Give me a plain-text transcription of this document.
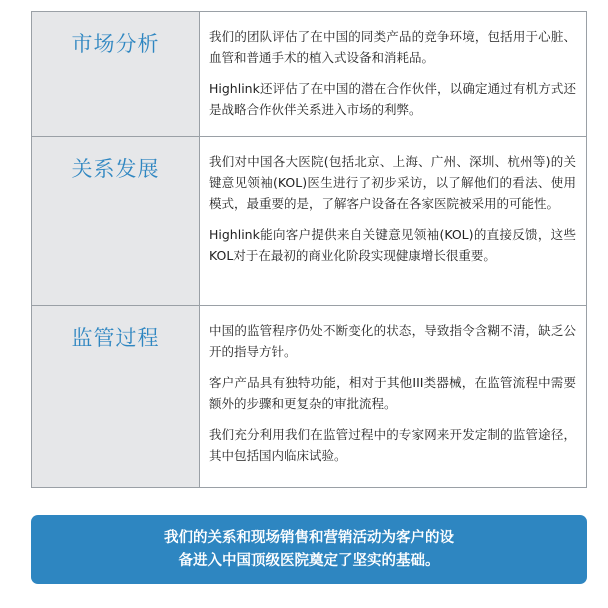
市场分析	我们的团队评估了在中国的同类产品的竞争环境，包括用于心脏、血管和普通手术的植入式设备和消耗品。

Highlink还评估了在中国的潜在合作伙伴，以确定通过有机方式还是战略合作伙伴关系进入市场的利弊。

关系发展	我们对中国各大医院(包括北京、上海、广州、深圳、杭州等)的关键意见领袖(KOL)医生进行了初步采访，以了解他们的看法、使用模式，最重要的是，了解客户设备在各家医院被采用的可能性。

Highlink能向客户提供来自关键意见领袖(KOL)的直接反馈，这些KOL对于在最初的商业化阶段实现健康增长很重要。

监管过程	中国的监管程序仍处不断变化的状态，导致指令含糊不清，缺乏公开的指导方针。

客户产品具有独特功能，相对于其他III类器械，在监管流程中需要额外的步骤和更复杂的审批流程。

我们充分利用我们在监管过程中的专家网来开发定制的监管途径，其中包括国内临床试验。

我们的关系和现场销售和营销活动为客户的设
备进入中国顶级医院奠定了坚实的基础。
